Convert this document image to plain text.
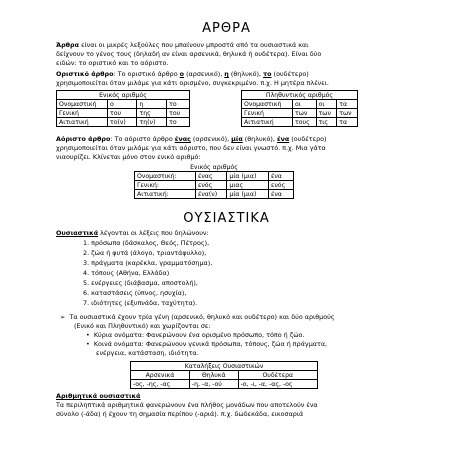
ΑΡΘΡΑ
Άρθρα είναι οι μικρές λεξούλες που μπαίνουν μπροστά από τα ουσιαστικά και
δείχνουν το γένος τους (δηλαδή αν είναι αρσενικά, θηλυκά ή ουδέτερα). Είναι δύο
ειδών: το οριστικό και το αόριστο.
Οριστικό άρθρο: Το οριστικό άρθρο ο (αρσενικό), η (θηλυκό), το (ουδέτερο)
χρησιμοποιείται όταν μιλάμε για κάτι ορισμένο, συγκεκριμένο. π.χ. Η μητέρα πλένει.
Ενικός αριθμός			
Ονομαστική	ο	η	το
Γενική	του	της	του
Αιτιατική	το(ν)	τη(ν)	το
Πληθυντικός αριθμός			
Ονομαστική	οι	οι	τα
Γενική	των	των	των
Αιτιατική	τους	τις	τα
Αόριστο άρθρο: Το αόριστο άρθρο ένας (αρσενικό), μία (θηλυκό), ένα (ουδέτερο)
χρησιμοποιείται όταν μιλάμε για κάτι αόριστο, που δεν είναι γνωστό. π.χ. Μια γάτα
νιαουρίζει. Κλίνεται μόνο στον ενικό αριθμό:
Ενικός αριθμός			
Ονομαστική:	ένας	μία (μια)	ένα
Γενική:	ενός	μιας	ενός
Αιτιατική:	ένα(ν)	μία (μια)	ένα
ΟΥΣΙΑΣΤΙΚΑ
Ουσιαστικά λέγονται οι λέξεις που δηλώνουν:
1. πρόσωπα (δάσκαλος, Θεός, Πέτρος),
2. ζώα ή φυτά (άλογο, τριαντάφυλλο),
3. πράγματα (καρέκλα, γραμματόσημα),
4. τόπους (Αθήνα, Ελλάδα)
5. ενέργειες (διάβασμα, αποστολή),
6. καταστάσεις (ύπνος, ησυχία),
7. ιδιότητες (εξυπνάδα, ταχύτητα).
➢ Τα ουσιαστικά έχουν τρία γένη (αρσενικό, θηλυκό και ουδέτερο) και δύο αριθμούς
(Ενικό και Πληθυντικό) και χωρίζονται σε:
• Κύρια ονόματα: Φανερώνουν ένα ορισμένο πρόσωπο, τόπο ή ζώο.
• Κοινά ονόματα: Φανερώνουν γενικά πρόσωπα, τόπους, ζώα ή πράγματα,
ενέργεια, κατάσταση, ιδιότητα.
Καταλήξεις Ουσιαστικών		
Αρσενικά	Θηλυκά	Ουδέτερα
-ος, -ης, -ας	-η, -α, -ού	-ο, -ι, -α, -ας, -ος
Αριθμητικά ουσιαστικά
Τα περιληπτικά αριθμητικά φανερώνουν ένα πλήθος μονάδων που αποτελούν ένα
σύνολο (-άδα) ή έχουν τη σημασία περίπου (-αριά). π.χ. δωδεκάδα, εικοσαριά
